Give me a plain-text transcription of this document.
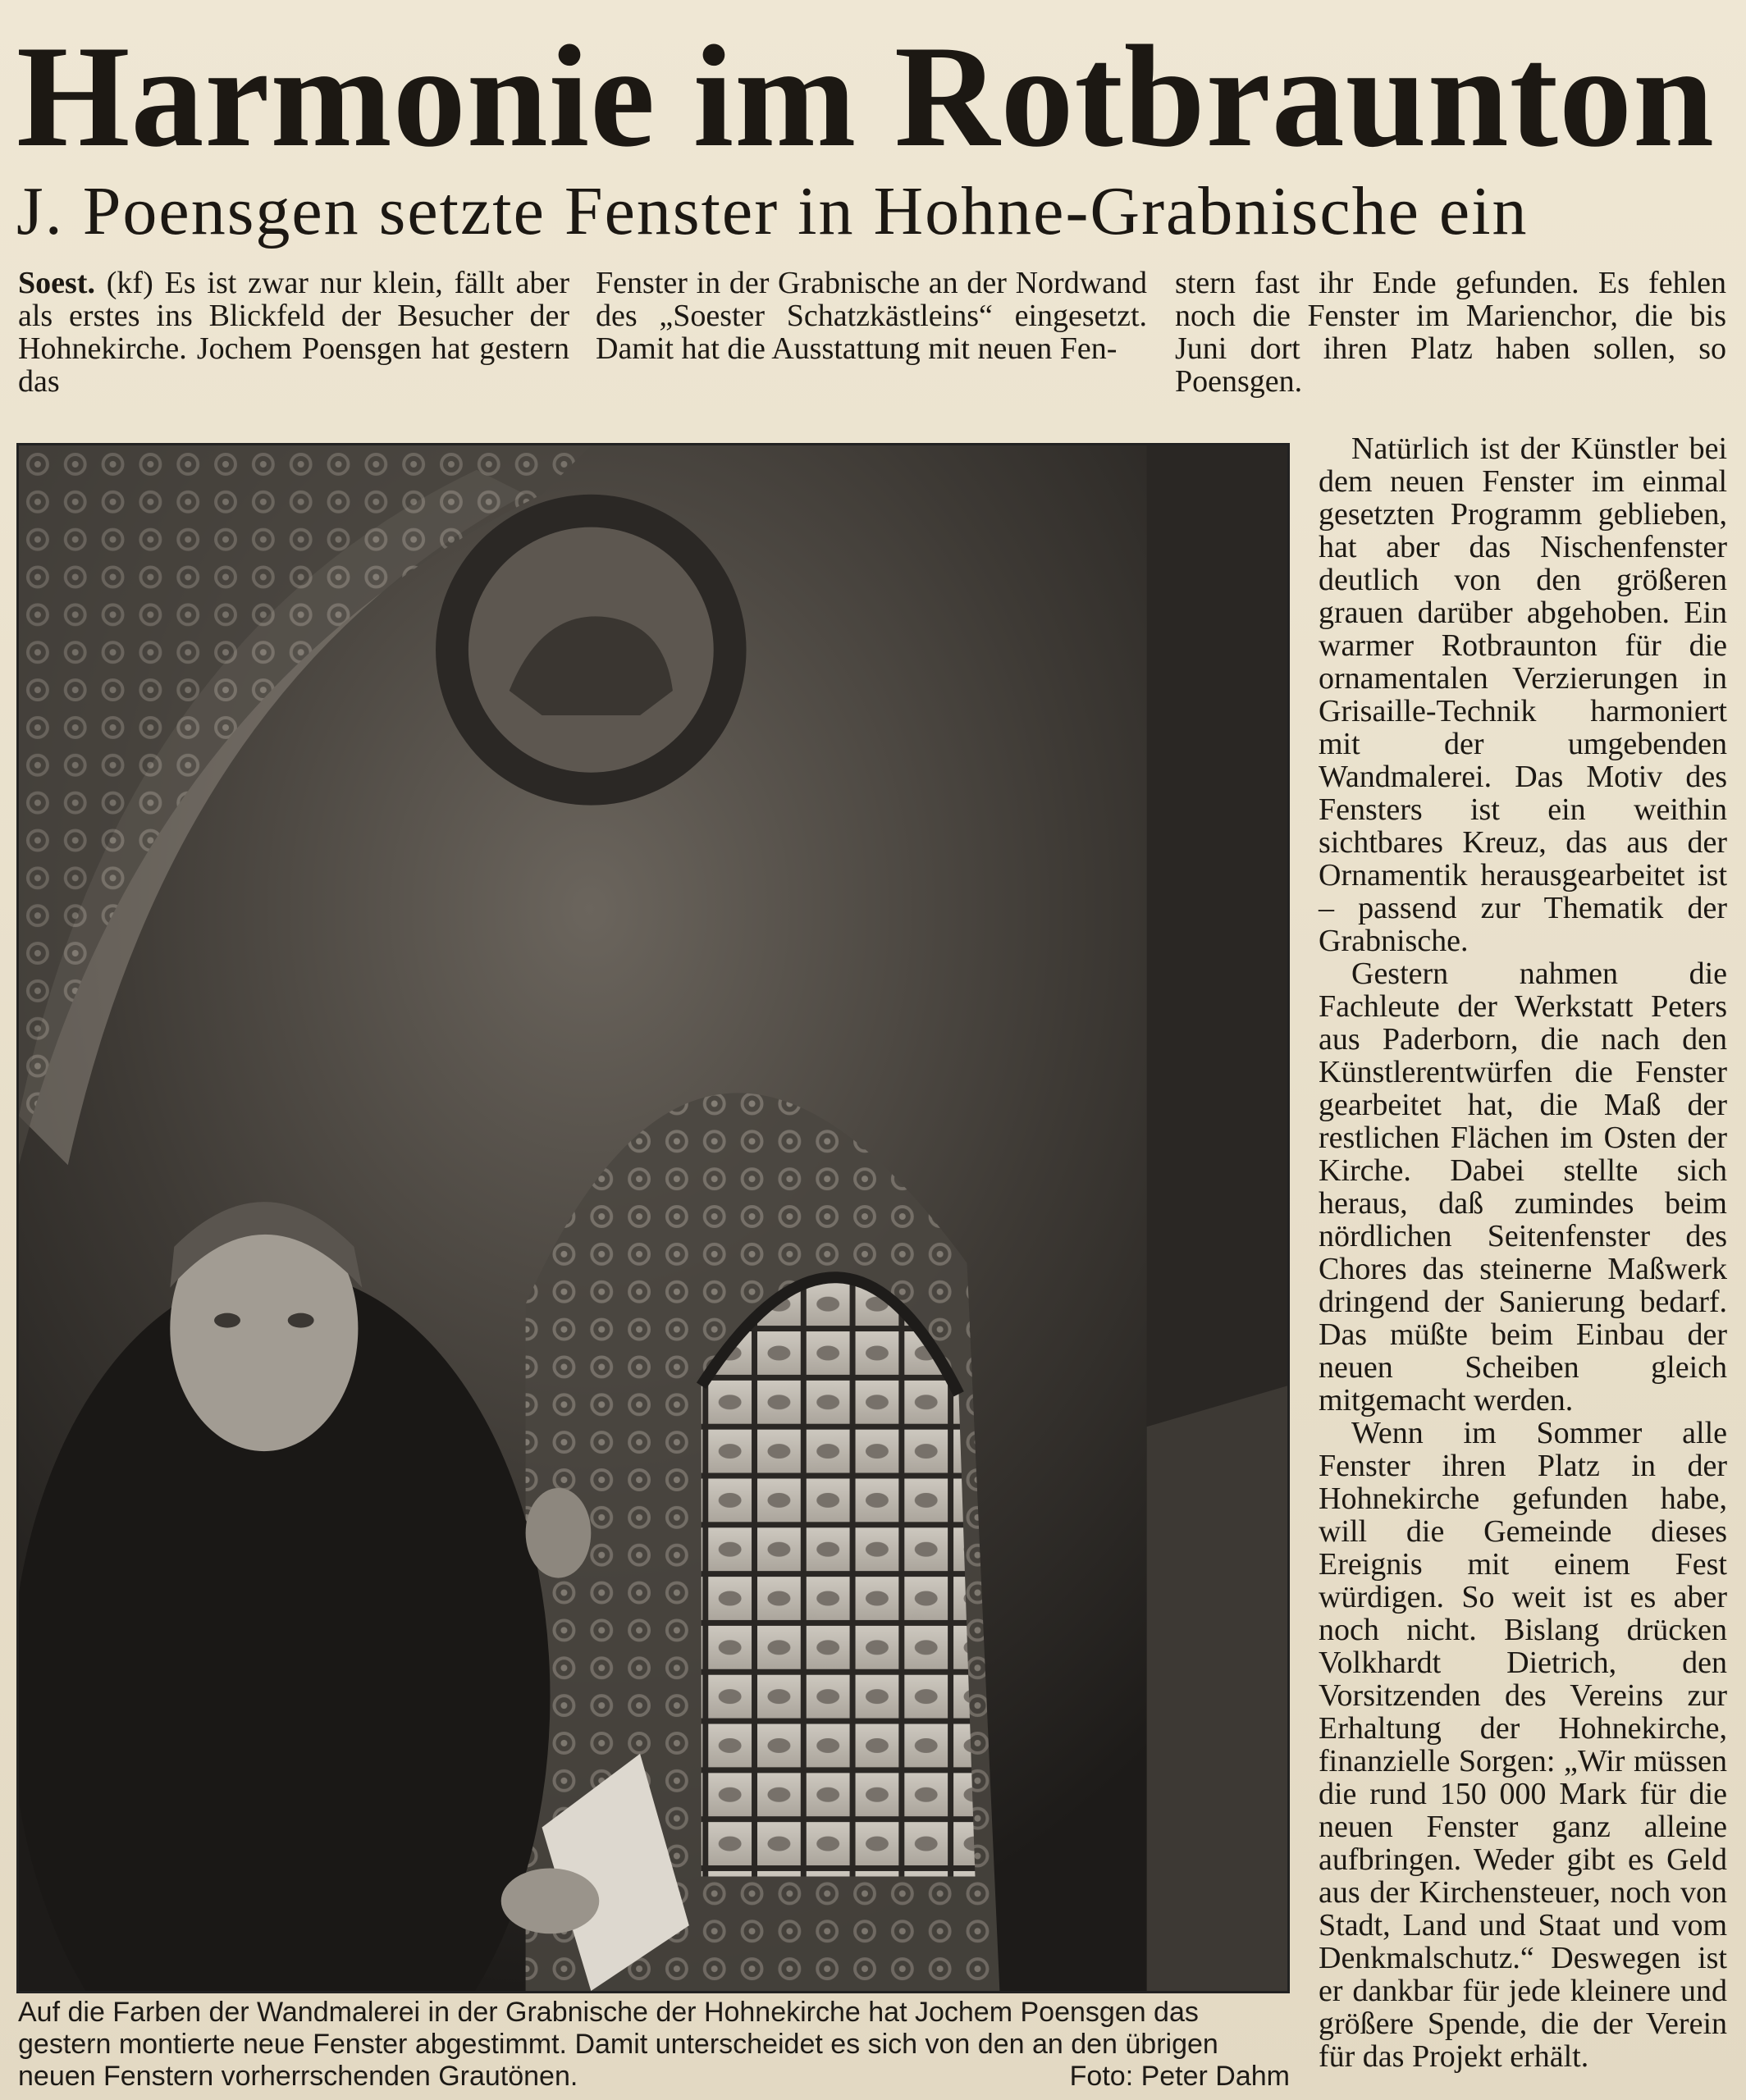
Harmonie im Rotbraunton
J. Poensgen setzte Fenster in Hohne-Grabnische ein

Soest. (kf) Es ist zwar nur klein, fällt aber als erstes ins Blickfeld der Besucher der Hohnekirche. Jochem Poensgen hat gestern das

Fenster in der Grabnische an der Nordwand des „Soester Schatzkästleins“ eingesetzt. Damit hat die Ausstattung mit neuen Fen-

stern fast ihr Ende gefunden. Es fehlen noch die Fenster im Marienchor, die bis Juni dort ihren Platz haben sollen, so Poensgen.

Natürlich ist der Künstler bei dem neuen Fenster im einmal gesetzten Programm geblieben, hat aber das Nischenfenster deutlich von den größeren grauen darüber abgehoben. Ein warmer Rotbraunton für die ornamentalen Verzierungen in Grisaille-Technik harmoniert mit der umgebenden Wandmalerei. Das Motiv des Fensters ist ein weithin sichtbares Kreuz, das aus der Ornamentik herausgearbeitet ist – passend zur Thematik der Grabnische.

Gestern nahmen die Fachleute der Werkstatt Peters aus Paderborn, die nach den Künstlerentwürfen die Fenster gearbeitet hat, die Maß der restlichen Flächen im Osten der Kirche. Dabei stellte sich heraus, daß zumindes beim nördlichen Seitenfenster des Chores das steinerne Maßwerk dringend der Sanierung bedarf. Das müßte beim Einbau der neuen Scheiben gleich mitgemacht werden.

Wenn im Sommer alle Fenster ihren Platz in der Hohnekirche gefunden habe, will die Gemeinde dieses Ereignis mit einem Fest würdigen. So weit ist es aber noch nicht. Bislang drücken Volkhardt Dietrich, den Vorsitzenden des Vereins zur Erhaltung der Hohnekirche, finanzielle Sorgen: „Wir müssen die rund 150 000 Mark für die neuen Fenster ganz alleine aufbringen. Weder gibt es Geld aus der Kirchensteuer, noch von Stadt, Land und Staat und vom Denkmalschutz.“ Deswegen ist er dankbar für jede kleinere und größere Spende, die der Verein für das Projekt erhält.

Auf die Farben der Wandmalerei in der Grabnische der Hohnekirche hat Jochem Poensgen das gestern montierte neue Fenster abgestimmt. Damit unterscheidet es sich von den an den übrigen neuen Fenstern vorherrschenden Grautönen.	Foto: Peter Dahm
